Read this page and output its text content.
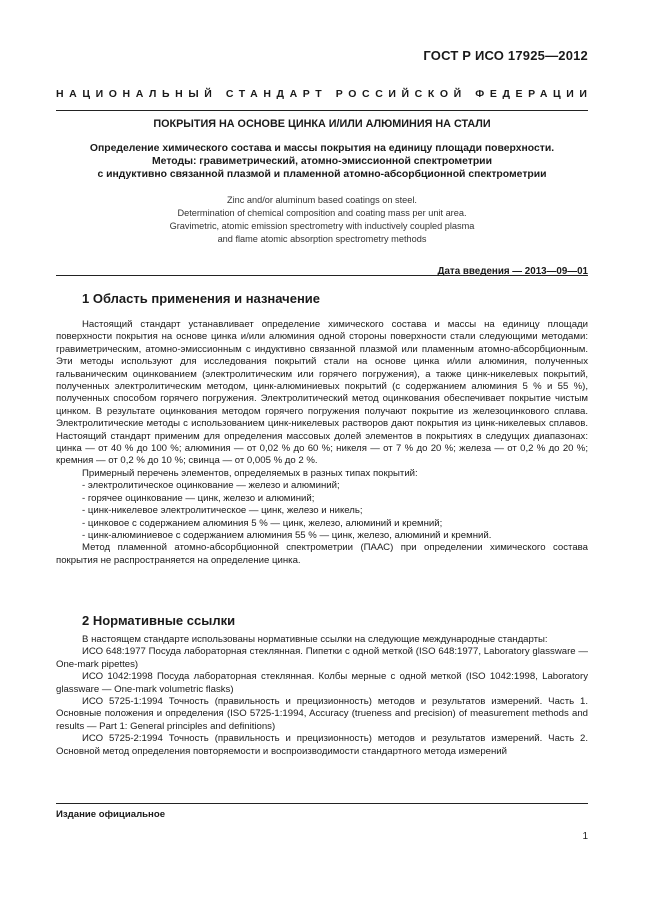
ГОСТ Р ИСО 17925—2012
НАЦИОНАЛЬНЫЙ СТАНДАРТ РОССИЙСКОЙ ФЕДЕРАЦИИ
ПОКРЫТИЯ НА ОСНОВЕ ЦИНКА И/ИЛИ АЛЮМИНИЯ НА СТАЛИ
Определение химического состава и массы покрытия на единицу площади поверхности.
Методы: гравиметрический, атомно-эмиссионной спектрометрии
с индуктивно связанной плазмой и пламенной атомно-абсорбционной спектрометрии
Zinc and/or aluminum based coatings on steel.
Determination of chemical composition and coating mass per unit area.
Gravimetric, atomic emission spectrometry with inductively coupled plasma
and flame atomic absorption spectrometry methods
Дата введения — 2013—09—01
1 Область применения и назначение

Настоящий стандарт устанавливает определение химического состава и массы на единицу площади поверхности покрытия на основе цинка и/или алюминия одной стороны поверхности стали следующими методами: гравиметрическим, атомно-эмиссионным с индуктивно связанной плазмой или пламенным атомно-абсорбционным. Эти методы используют для исследования покрытий стали на основе цинка и/или алюминия, полученных гальваническим оцинкованием (электролитическим или горячего погружения), а также цинк-никелевых покрытий, полученных электролитическим методом, цинк-алюминиевых покрытий (с содержанием алюминия 5 % и 55 %), полученных способом горячего погружения. Электролитический метод оцинкования обеспечивает покрытие чистым цинком. В результате оцинкования методом горячего погружения получают покрытие из железоцинкового сплава. Электролитические методы с использованием цинк-никелевых растворов дают покрытия из цинк-никелевых сплавов. Настоящий стандарт применим для определения массовых долей элементов в покрытиях в следущих диапазонах: цинка — от 40 % до 100 %; алюминия — от 0,02 % до 60 %; никеля — от 7 % до 20 %; железа — от 0,2 % до 20 %; кремния — от 0,2 % до 10 %; свинца — от 0,005 % до 2 %.

Примерный перечень элементов, определяемых в разных типах покрытий:

- электролитическое оцинкование — железо и алюминий;

- горячее оцинкование — цинк, железо и алюминий;

- цинк-никелевое электролитическое — цинк, железо и никель;

- цинковое с содержанием алюминия 5 % — цинк, железо, алюминий и кремний;

- цинк-алюминиевое с содержанием алюминия 55 % — цинк, железо, алюминий и кремний.

Метод пламенной атомно-абсорбционной спектрометрии (ПААС) при определении химического состава покрытия не распространяется на определение цинка.

2 Нормативные ссылки

В настоящем стандарте использованы нормативные ссылки на следующие международные стандарты:

ИСО 648:1977 Посуда лабораторная стеклянная. Пипетки с одной меткой (ISO 648:1977, Laboratory glassware — One-mark pipettes)

ИСО 1042:1998 Посуда лабораторная стеклянная. Колбы мерные с одной меткой (ISO 1042:1998, Laboratory glassware — One-mark volumetric flasks)

ИСО 5725-1:1994 Точность (правильность и прецизионность) методов и результатов измерений. Часть 1. Основные положения и определения (ISO 5725-1:1994, Accuracy (trueness and precision) of measurement methods and results — Part 1: General principles and definitions)

ИСО 5725-2:1994 Точность (правильность и прецизионность) методов и результатов измерений. Часть 2. Основной метод определения повторяемости и воспроизводимости стандартного метода измерений

Издание официальное
1
